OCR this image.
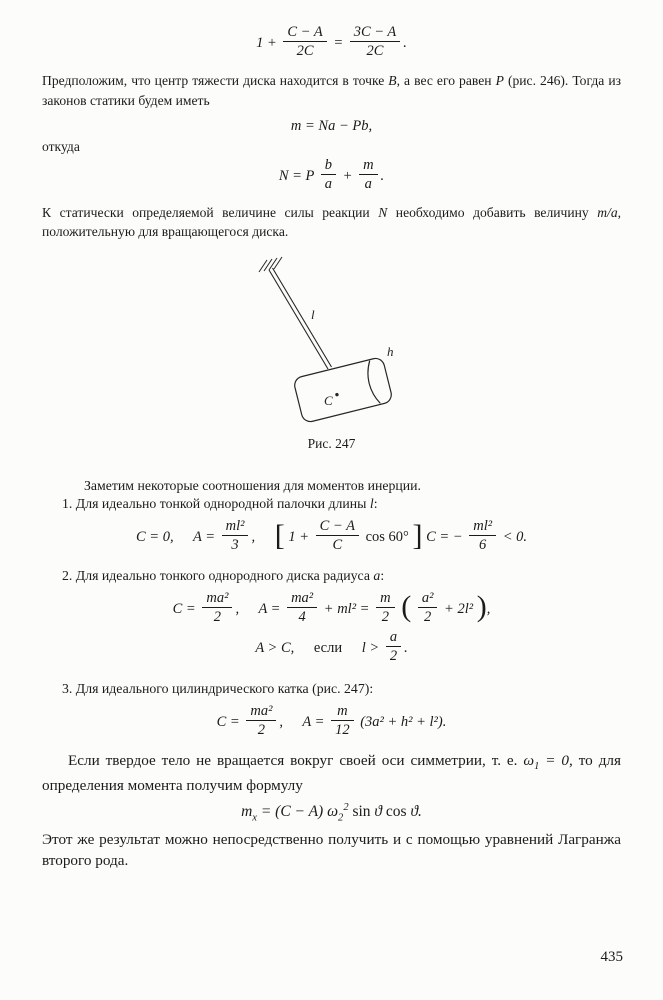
$1 + \frac{C - A}{2C} = \frac{3C - A}{2C}$ .

Предположим, что центр тяжести диска находится в точке B, а вес его равен P (рис. 246). Тогда из законов статики будем иметь

m = Na − Pb,

откуда

N = P $\frac{b}{a} + \frac{m}{a}$ .

К статически определяемой величине силы реакции N необходимо добавить величину m/a, положительную для вращающегося диска.

l
h
C
Рис. 247

Заметим некоторые соотношения для моментов инерции.

1. Для идеально тонкой однородной палочки длины l:

C = 0, $A = \frac{\text{ml²}}{3}$ , [ $1 + \frac{C - A}{C}$ cos 60° ] C = − $\frac{\text{ml²}}{6} < 0$.

2. Для идеально тонкого однородного диска радиуса a:

$C = \frac{\text{ma²}}{2}$ , $A = \frac{\text{ma²}}{4} + ml^2 = \frac{m}{2}$ ( $\frac{\text{a²}}{2} + 2l^2$ ),
A > C, если $l > \frac{a}{2}$ .

3. Для идеального цилиндрического катка (рис. 247):

$C = \frac{\text{ma²}}{2}$ , $A = \frac{m}{12} (3a^2 + h^2 + l^2)$.

Если твердое тело не вращается вокруг своей оси симметрии, т. е. $\omega_1 = 0$, то для определения момента получим формулу

$m_x = (C - A)$ $\omega_2^2$ sin ϑ cos ϑ.

Этот же результат можно непосредственно получить и с помощью уравнений Лагранжа второго рода.

435
